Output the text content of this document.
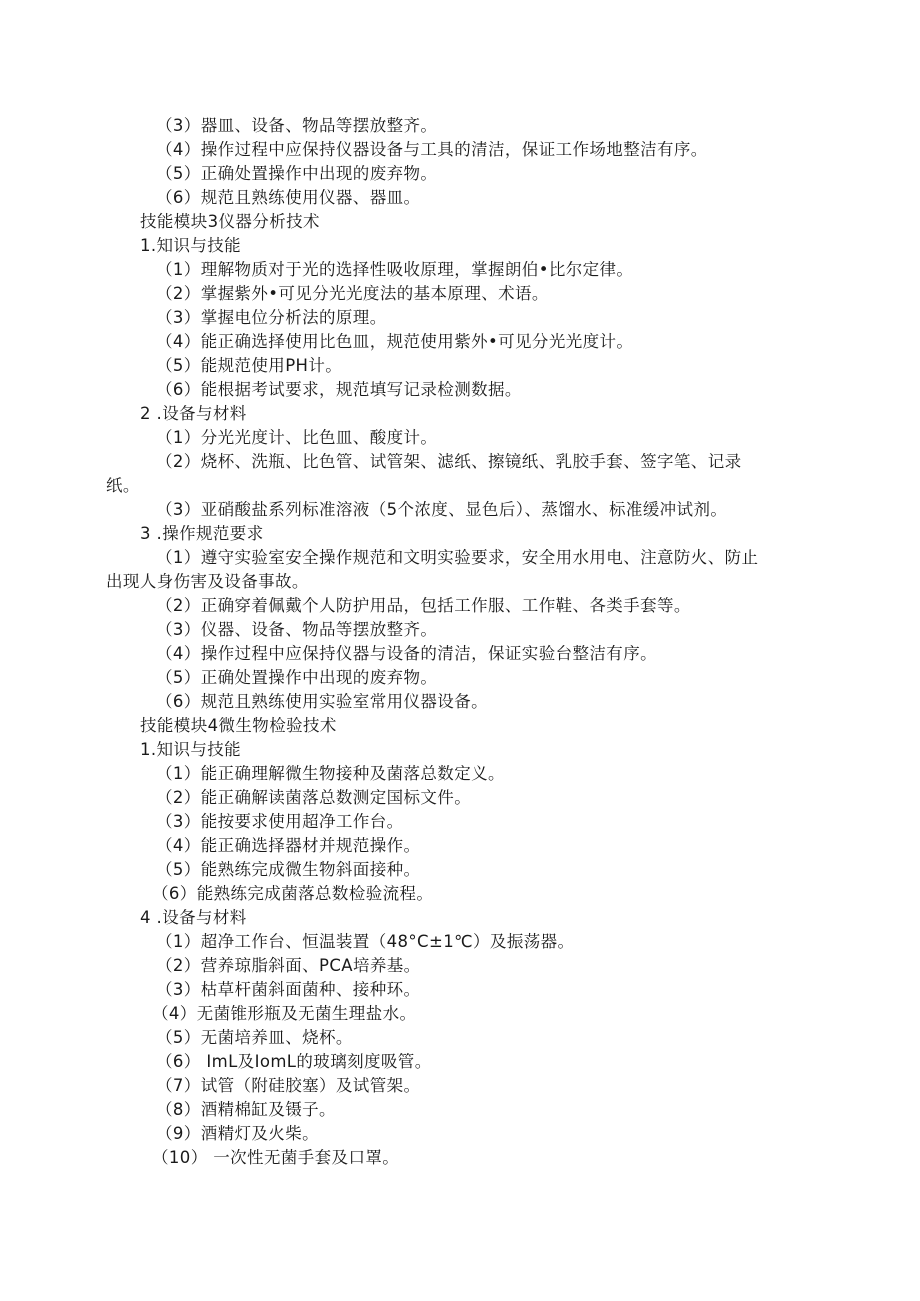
（3）器皿、设备、物品等摆放整齐。
（4）操作过程中应保持仪器设备与工具的清洁，保证工作场地整洁有序。
（5）正确处置操作中出现的废弃物。
（6）规范且熟练使用仪器、器皿。
技能模块3仪器分析技术
1.知识与技能
（1）理解物质对于光的选择性吸收原理，掌握朗伯•比尔定律。
（2）掌握紫外•可见分光光度法的基本原理、术语。
（3）掌握电位分析法的原理。
（4）能正确选择使用比色皿，规范使用紫外•可见分光光度计。
（5）能规范使用PH计。
（6）能根据考试要求，规范填写记录检测数据。
2 .设备与材料
（1）分光光度计、比色皿、酸度计。
（2）烧杯、洗瓶、比色管、试管架、滤纸、擦镜纸、乳胶手套、签字笔、记录
纸。
（3）亚硝酸盐系列标准溶液（5个浓度、显色后）、蒸馏水、标准缓冲试剂。
3 .操作规范要求
（1）遵守实验室安全操作规范和文明实验要求，安全用水用电、注意防火、防止
出现人身伤害及设备事故。
（2）正确穿着佩戴个人防护用品，包括工作服、工作鞋、各类手套等。
（3）仪器、设备、物品等摆放整齐。
（4）操作过程中应保持仪器与设备的清洁，保证实验台整洁有序。
（5）正确处置操作中出现的废弃物。
（6）规范且熟练使用实验室常用仪器设备。
技能模块4微生物检验技术
1.知识与技能
（1）能正确理解微生物接种及菌落总数定义。
（2）能正确解读菌落总数测定国标文件。
（3）能按要求使用超净工作台。
（4）能正确选择器材并规范操作。
（5）能熟练完成微生物斜面接种。
（6）能熟练完成菌落总数检验流程。
4 .设备与材料
（1）超净工作台、恒温装置（48°C±1℃）及振荡器。
（2）营养琼脂斜面、PCA培养基。
（3）枯草杆菌斜面菌种、接种环。
（4）无菌锥形瓶及无菌生理盐水。
（5）无菌培养皿、烧杯。
（6） ImL及IomL的玻璃刻度吸管。
（7）试管（附硅胶塞）及试管架。
（8）酒精棉缸及镊子。
（9）酒精灯及火柴。
（10） 一次性无菌手套及口罩。
